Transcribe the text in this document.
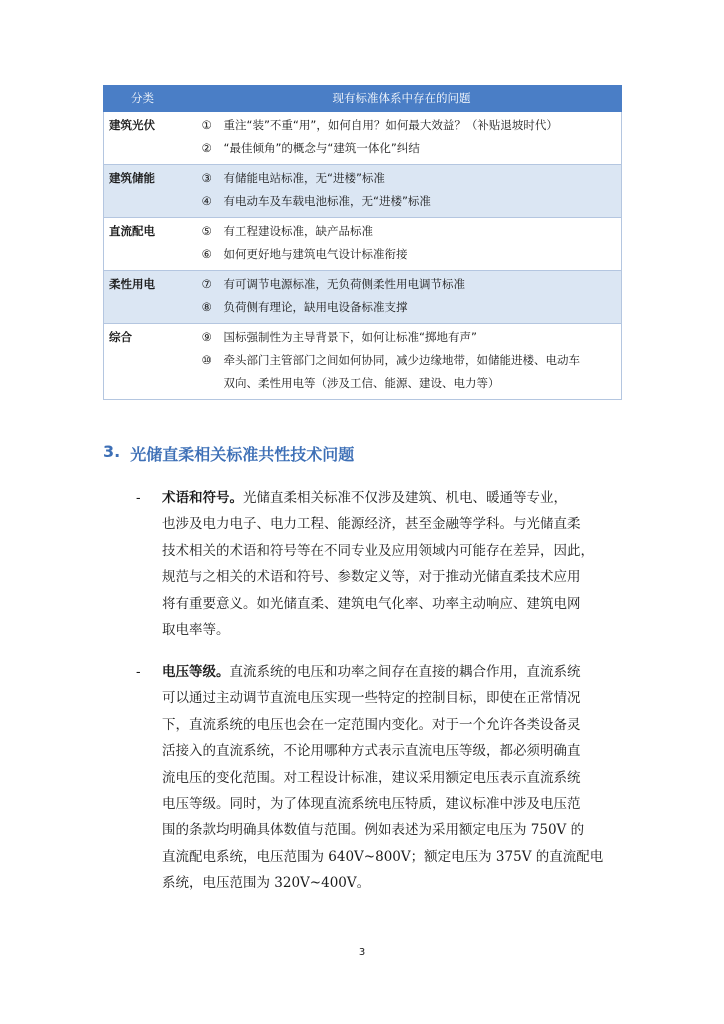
分类	现有标准体系中存在的问题
建筑光伏	① 重注“装”不重“用”，如何自用？如何最大效益？（补贴退坡时代）
② “最佳倾角”的概念与“建筑一体化”纠结

建筑储能	③ 有储能电站标准，无“进楼”标准
④ 有电动车及车载电池标准，无“进楼”标准

直流配电	⑤ 有工程建设标准，缺产品标准
⑥ 如何更好地与建筑电气设计标准衔接

柔性用电	⑦ 有可调节电源标准，无负荷侧柔性用电调节标准
⑧ 负荷侧有理论，缺用电设备标准支撑

综合	⑨ 国标强制性为主导背景下，如何让标准“掷地有声”
⑩ 牵头部门主管部门之间如何协同，减少边缘地带，如储能进楼、电动车
双向、柔性用电等（涉及工信、能源、建设、电力等）
3. 光储直柔相关标准共性技术问题
- 术语和符号。光储直柔相关标准不仅涉及建筑、机电、暖通等专业，
也涉及电力电子、电力工程、能源经济，甚至金融等学科。与光储直柔
技术相关的术语和符号等在不同专业及应用领域内可能存在差异，因此，
规范与之相关的术语和符号、参数定义等，对于推动光储直柔技术应用
将有重要意义。如光储直柔、建筑电气化率、功率主动响应、建筑电网
取电率等。
- 电压等级。直流系统的电压和功率之间存在直接的耦合作用，直流系统
可以通过主动调节直流电压实现一些特定的控制目标，即使在正常情况
下，直流系统的电压也会在一定范围内变化。对于一个允许各类设备灵
活接入的直流系统，不论用哪种方式表示直流电压等级，都必须明确直
流电压的变化范围。对工程设计标准，建议采用额定电压表示直流系统
电压等级。同时，为了体现直流系统电压特质，建议标准中涉及电压范
围的条款均明确具体数值与范围。例如表述为采用额定电压为 750V 的
直流配电系统，电压范围为 640V~800V；额定电压为 375V 的直流配电
系统，电压范围为 320V~400V。
3
